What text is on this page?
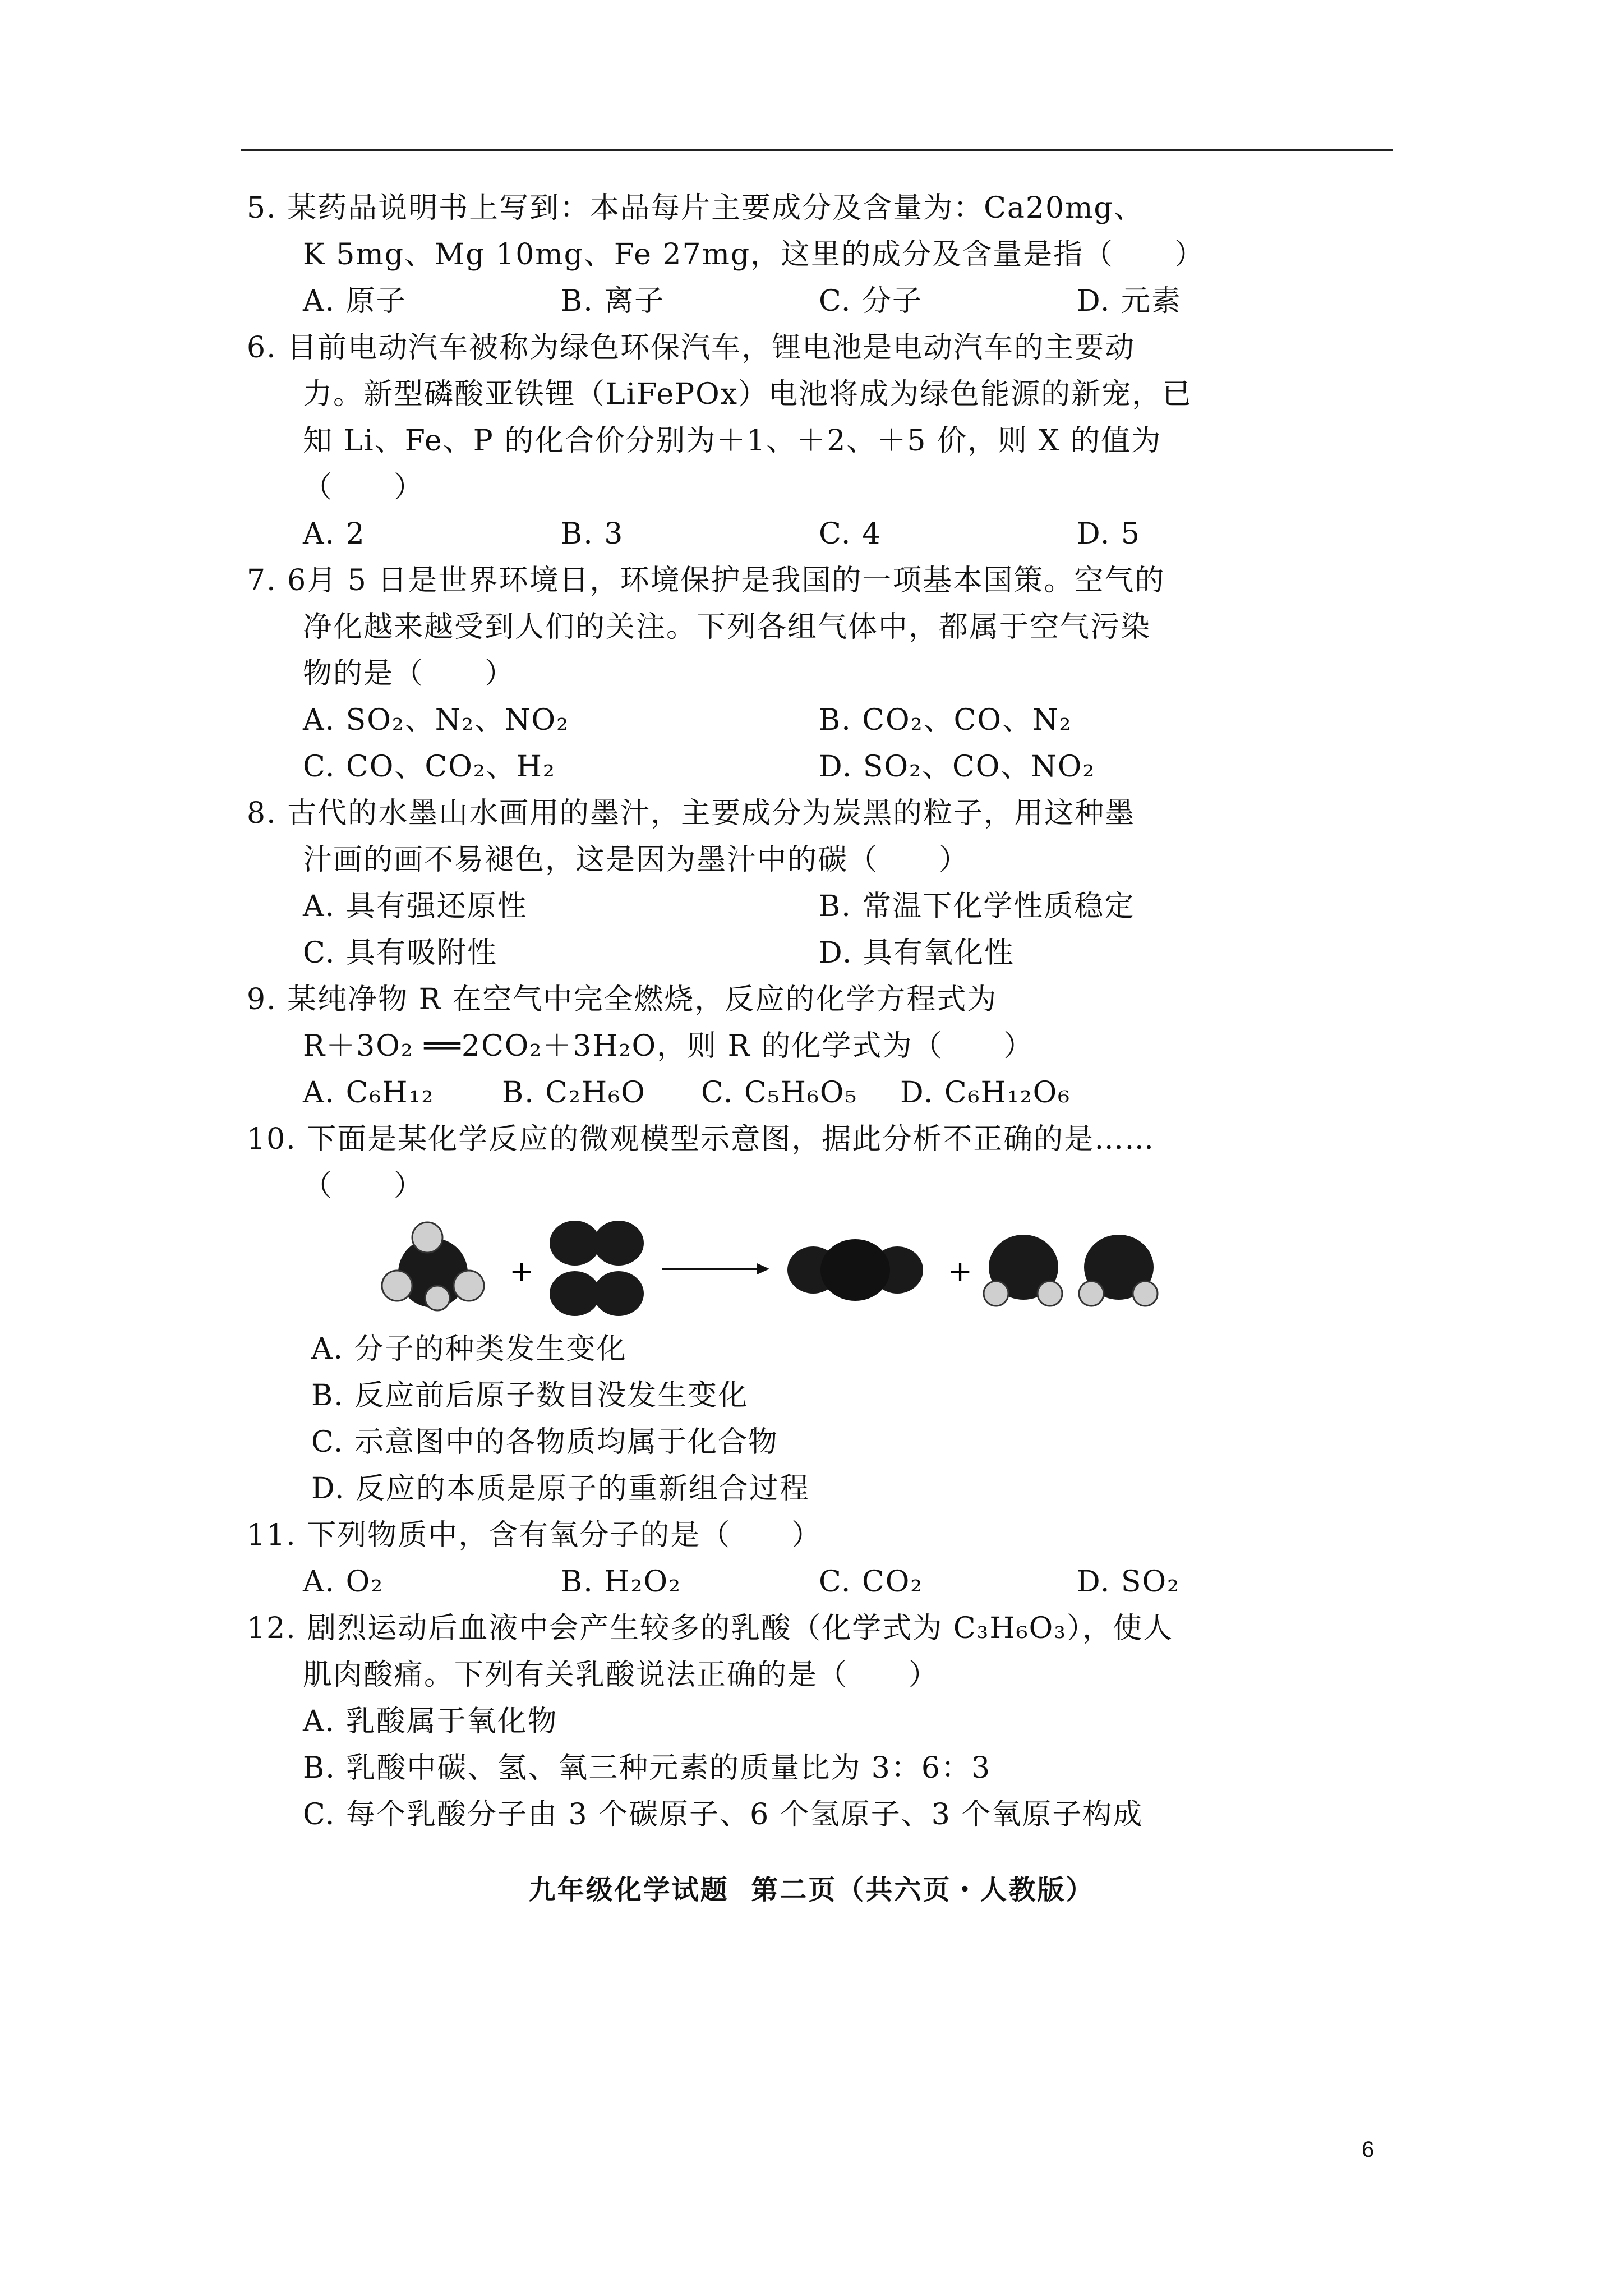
5. 某药品说明书上写到：本品每片主要成分及含量为：Ca20mg、
K 5mg、Mg 10mg、Fe 27mg，这里的成分及含量是指（　　）
A. 原子	B. 离子	C. 分子	D. 元素
6. 目前电动汽车被称为绿色环保汽车，锂电池是电动汽车的主要动
力。新型磷酸亚铁锂（LiFePOx）电池将成为绿色能源的新宠，已
知 Li、Fe、P 的化合价分别为＋1、＋2、＋5 价，则 X 的值为
（　　）
A. 2	B. 3	C. 4	D. 5
7. 6月 5 日是世界环境日，环境保护是我国的一项基本国策。空气的
净化越来越受到人们的关注。下列各组气体中，都属于空气污染
物的是（　　）
A. SO₂、N₂、NO₂	B. CO₂、CO、N₂
C. CO、CO₂、H₂	D. SO₂、CO、NO₂
8. 古代的水墨山水画用的墨汁，主要成分为炭黑的粒子，用这种墨
汁画的画不易褪色，这是因为墨汁中的碳（　　）
A. 具有强还原性	B. 常温下化学性质稳定
C. 具有吸附性	D. 具有氧化性
9. 某纯净物 R 在空气中完全燃烧，反应的化学方程式为
R＋3O₂ ══2CO₂＋3H₂O，则 R 的化学式为（　　）
A. C₆H₁₂	B. C₂H₆O	C. C₅H₆O₅	D. C₆H₁₂O₆
10. 下面是某化学反应的微观模型示意图，据此分析不正确的是……
（　　）
+	+
A. 分子的种类发生变化
B. 反应前后原子数目没发生变化
C. 示意图中的各物质均属于化合物
D. 反应的本质是原子的重新组合过程
11. 下列物质中，含有氧分子的是（　　）
A. O₂	B. H₂O₂	C. CO₂	D. SO₂
12. 剧烈运动后血液中会产生较多的乳酸（化学式为 C₃H₆O₃），使人
肌肉酸痛。下列有关乳酸说法正确的是（　　）
A. 乳酸属于氧化物
B. 乳酸中碳、氢、氧三种元素的质量比为 3：6：3
C. 每个乳酸分子由 3 个碳原子、6 个氢原子、3 个氧原子构成
九年级化学试题 第二页（共六页・人教版）
6
